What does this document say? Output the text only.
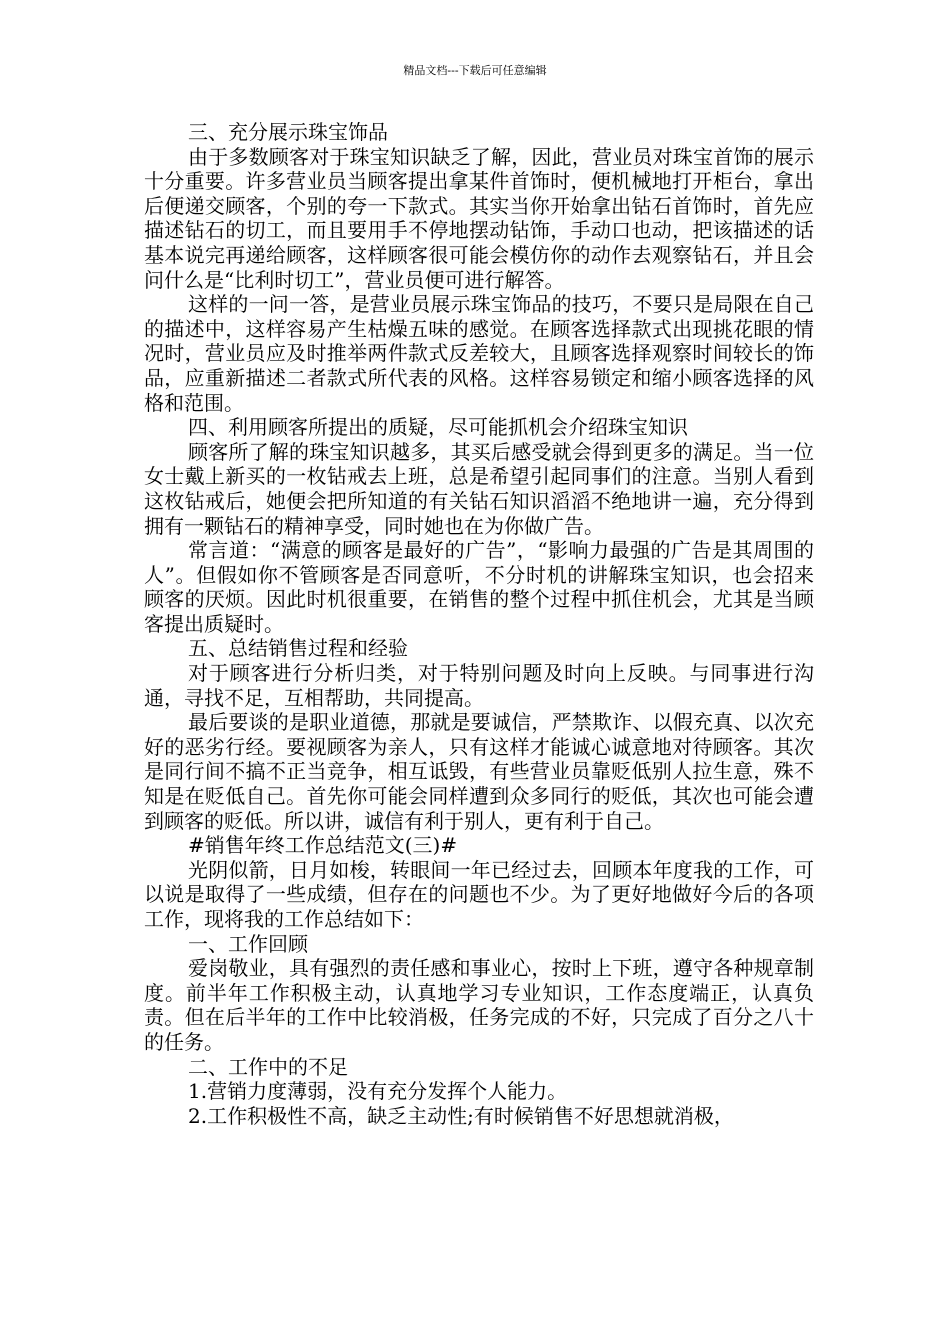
精品文档---下载后可任意编辑

三、充分展示珠宝饰品

由于多数顾客对于珠宝知识缺乏了解，因此，营业员对珠宝首饰的展示十分重要。许多营业员当顾客提出拿某件首饰时，便机械地打开柜台，拿出后便递交顾客，个别的夸一下款式。其实当你开始拿出钻石首饰时，首先应描述钻石的切工，而且要用手不停地摆动钻饰，手动口也动，把该描述的话基本说完再递给顾客，这样顾客很可能会模仿你的动作去观察钻石，并且会问什么是“比利时切工”，营业员便可进行解答。

这样的一问一答，是营业员展示珠宝饰品的技巧，不要只是局限在自己的描述中，这样容易产生枯燥五味的感觉。在顾客选择款式出现挑花眼的情况时，营业员应及时推举两件款式反差较大，且顾客选择观察时间较长的饰品，应重新描述二者款式所代表的风格。这样容易锁定和缩小顾客选择的风格和范围。

四、利用顾客所提出的质疑，尽可能抓机会介绍珠宝知识

顾客所了解的珠宝知识越多，其买后感受就会得到更多的满足。当一位女士戴上新买的一枚钻戒去上班，总是希望引起同事们的注意。当别人看到这枚钻戒后，她便会把所知道的有关钻石知识滔滔不绝地讲一遍，充分得到拥有一颗钻石的精神享受，同时她也在为你做广告。

常言道：“满意的顾客是最好的广告”，“影响力最强的广告是其周围的人”。但假如你不管顾客是否同意听，不分时机的讲解珠宝知识，也会招来顾客的厌烦。因此时机很重要，在销售的整个过程中抓住机会，尤其是当顾客提出质疑时。

五、总结销售过程和经验

对于顾客进行分析归类，对于特别问题及时向上反映。与同事进行沟通，寻找不足，互相帮助，共同提高。

最后要谈的是职业道德，那就是要诚信，严禁欺诈、以假充真、以次充好的恶劣行经。要视顾客为亲人，只有这样才能诚心诚意地对待顾客。其次是同行间不搞不正当竞争，相互诋毁，有些营业员靠贬低别人拉生意，殊不知是在贬低自己。首先你可能会同样遭到众多同行的贬低，其次也可能会遭到顾客的贬低。所以讲，诚信有利于别人，更有利于自己。

#销售年终工作总结范文(三)#

光阴似箭，日月如梭，转眼间一年已经过去，回顾本年度我的工作，可以说是取得了一些成绩，但存在的问题也不少。为了更好地做好今后的各项工作，现将我的工作总结如下：

一、工作回顾

爱岗敬业，具有强烈的责任感和事业心，按时上下班，遵守各种规章制度。前半年工作积极主动，认真地学习专业知识，工作态度端正，认真负责。但在后半年的工作中比较消极，任务完成的不好，只完成了百分之八十的任务。

二、工作中的不足

1.营销力度薄弱，没有充分发挥个人能力。

2.工作积极性不高，缺乏主动性;有时候销售不好思想就消极，
